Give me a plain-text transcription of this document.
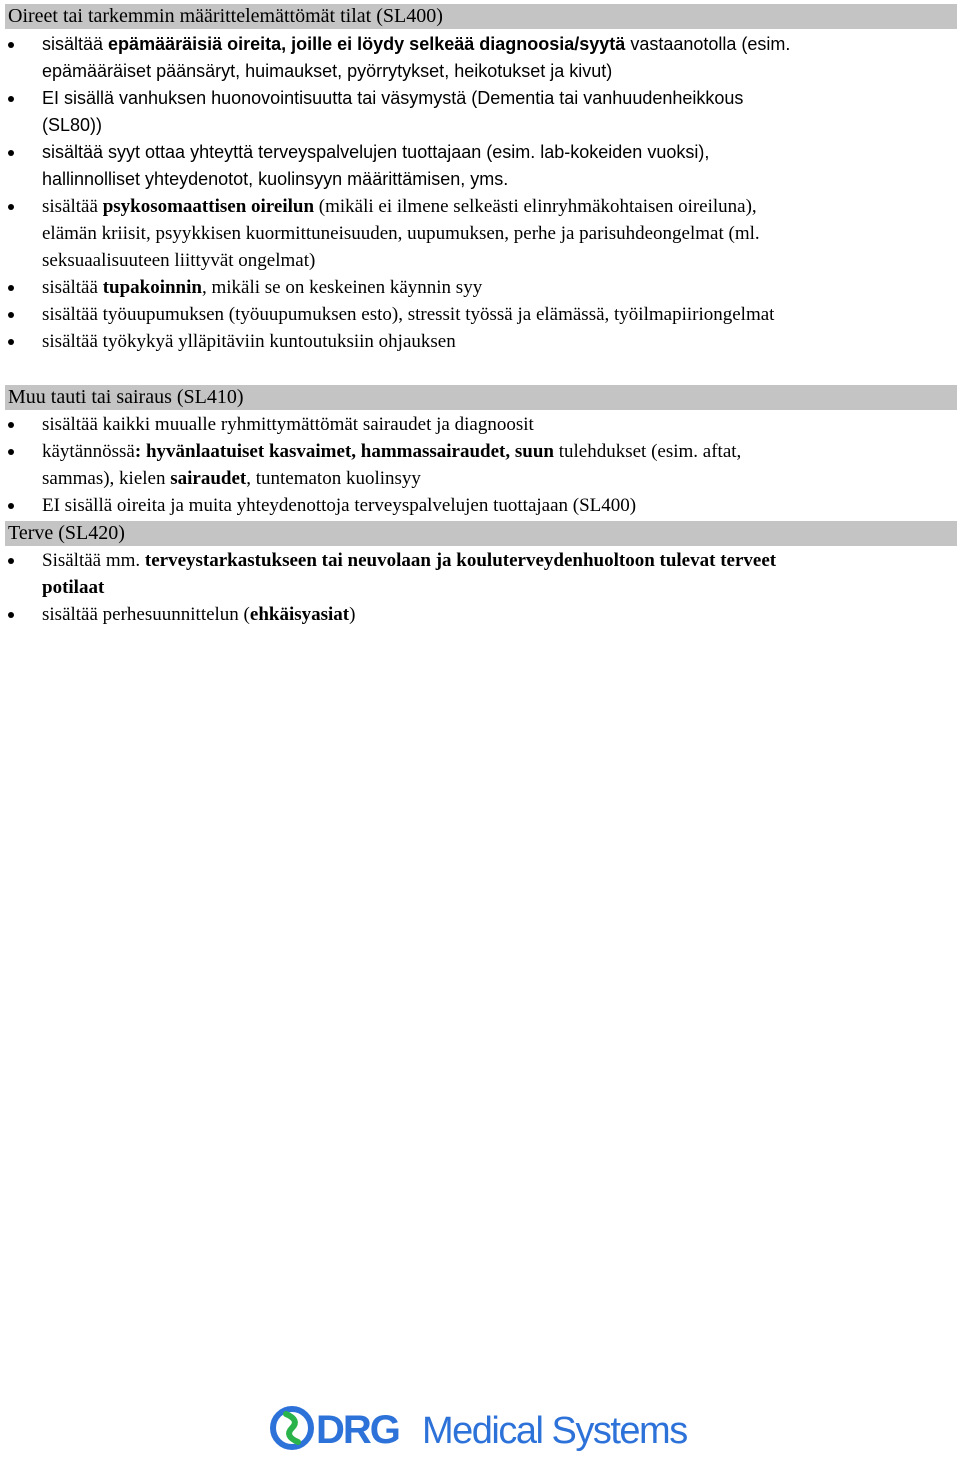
Oireet tai tarkemmin määrittelemättömät tilat (SL400)
sisältää epämääräisiä oireita, joille ei löydy selkeää diagnoosia/syytä vastaanotolla (esim.
epämääräiset päänsäryt, huimaukset, pyörrytykset, heikotukset ja kivut)
EI sisällä vanhuksen huonovointisuutta tai väsymystä (Dementia tai vanhuudenheikkous
(SL80))
sisältää syyt ottaa yhteyttä terveyspalvelujen tuottajaan (esim. lab-kokeiden vuoksi),
hallinnolliset yhteydenotot, kuolinsyyn määrittämisen, yms.
sisältää psykosomaattisen oireilun (mikäli ei ilmene selkeästi elinryhmäkohtaisen oireiluna),
elämän kriisit, psyykkisen kuormittuneisuuden, uupumuksen, perhe ja parisuhdeongelmat (ml.
seksuaalisuuteen liittyvät ongelmat)
sisältää tupakoinnin, mikäli se on keskeinen käynnin syy
sisältää työuupumuksen (työuupumuksen esto), stressit työssä ja elämässä, työilmapiiriongelmat
sisältää työkykyä ylläpitäviin kuntoutuksiin ohjauksen
Muu tauti tai sairaus (SL410)
sisältää kaikki muualle ryhmittymättömät sairaudet ja diagnoosit
käytännössä: hyvänlaatuiset kasvaimet, hammassairaudet, suun tulehdukset (esim. aftat,
sammas), kielen sairaudet, tuntematon kuolinsyy
EI sisällä oireita ja muita yhteydenottoja terveyspalvelujen tuottajaan (SL400)
Terve (SL420)
Sisältää mm. terveystarkastukseen tai neuvolaan ja kouluterveydenhuoltoon tulevat terveet
potilaat
sisältää perhesuunnittelun (ehkäisyasiat)
DRG Medical Systems
